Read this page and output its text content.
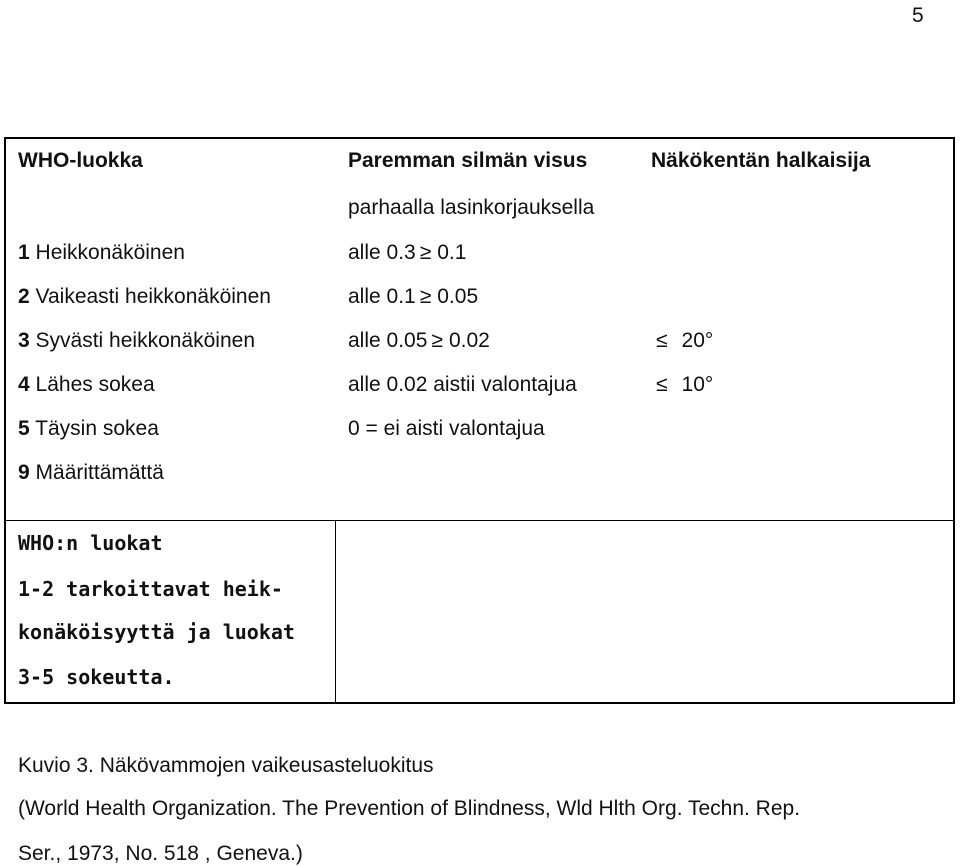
5
WHO-luokka	Paremman silmän visus	Näkökentän halkaisija
parhaalla lasinkorjauksella
1 Heikkonäköinen	alle 0.3 ≥ 0.1
2 Vaikeasti heikkonäköinen	alle 0.1 ≥ 0.05
3 Syvästi heikkonäköinen	alle 0.05 ≥ 0.02	≤ 20°
4 Lähes sokea	alle 0.02 aistii valontajua	≤ 10°
5 Täysin sokea	0 = ei aisti valontajua
9 Määrittämättä
WHO:n luokat
1-2 tarkoittavat heik-
konäköisyyttä ja luokat
3-5 sokeutta.
Kuvio 3. Näkövammojen vaikeusasteluokitus
(World Health Organization. The Prevention of Blindness, Wld Hlth Org. Techn. Rep.
Ser., 1973, No. 518 , Geneva.)
